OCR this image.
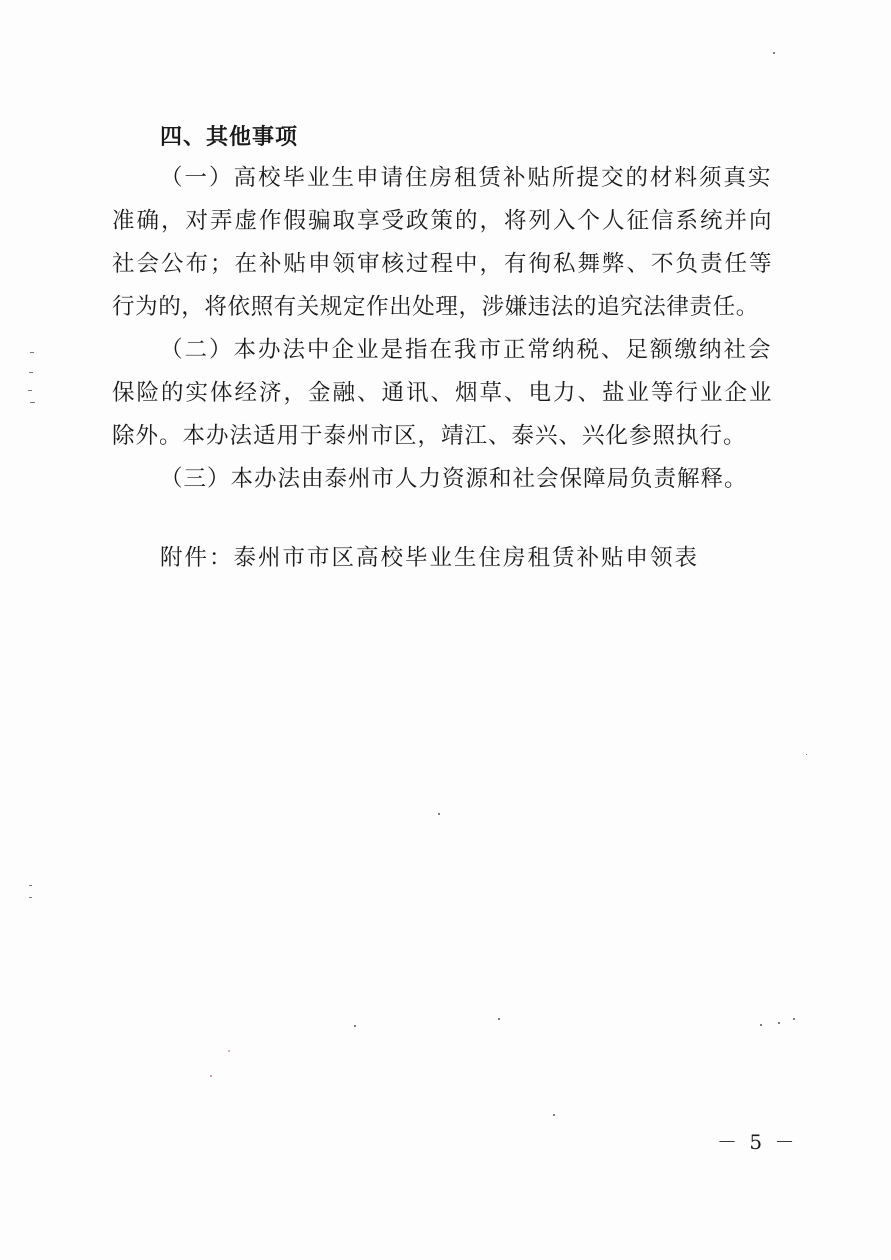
四、其他事项
（一）高校毕业生申请住房租赁补贴所提交的材料须真实
准确，对弄虚作假骗取享受政策的，将列入个人征信系统并向
社会公布；在补贴申领审核过程中，有徇私舞弊、不负责任等
行为的，将依照有关规定作出处理，涉嫌违法的追究法律责任。
（二）本办法中企业是指在我市正常纳税、足额缴纳社会
保险的实体经济，金融、通讯、烟草、电力、盐业等行业企业
除外。本办法适用于泰州市区，靖江、泰兴、兴化参照执行。
（三）本办法由泰州市人力资源和社会保障局负责解释。
附件：泰州市市区高校毕业生住房租赁补贴申领表
－ 5 －
